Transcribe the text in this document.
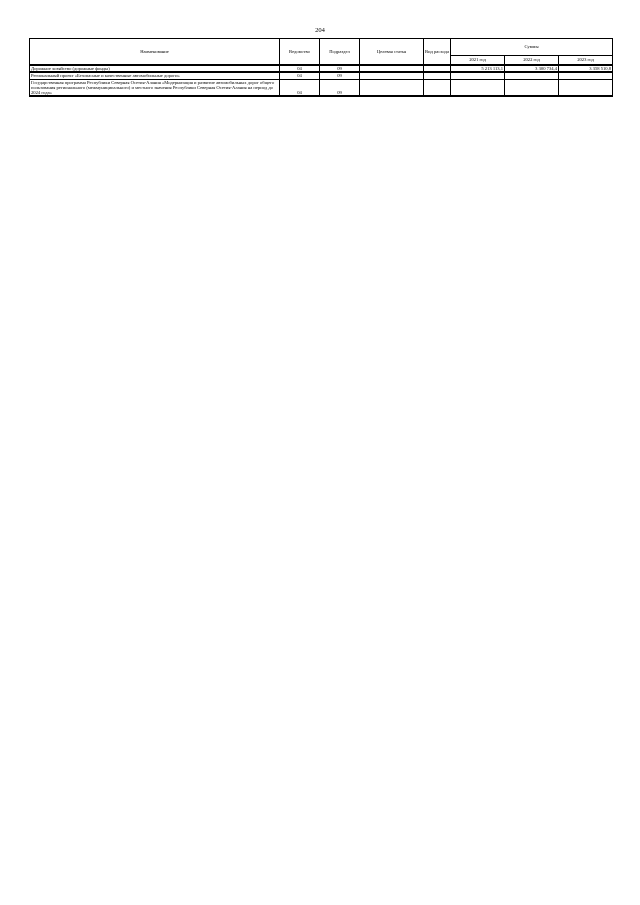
204
Наименование	Ведомство	Подраздел	Целевая статья	Вид расхода	Суммы		
					2021 год	2022 год	2023 год

Дорожное хозяйство (дорожные фонды)	04	09			5 213 113,1	3 300 734,4	3 358 510,8

Региональный проект «Безопасные и качественные автомобильные дороги»	04	09					
Государственная программа Республики Северная Осетия-Алания «Модернизация и развитие автомобильных дорог общего пользования регионального (межмуниципального) и местного значения Республики Северная Осетия-Алания на период до 2024 года»	04	09					
